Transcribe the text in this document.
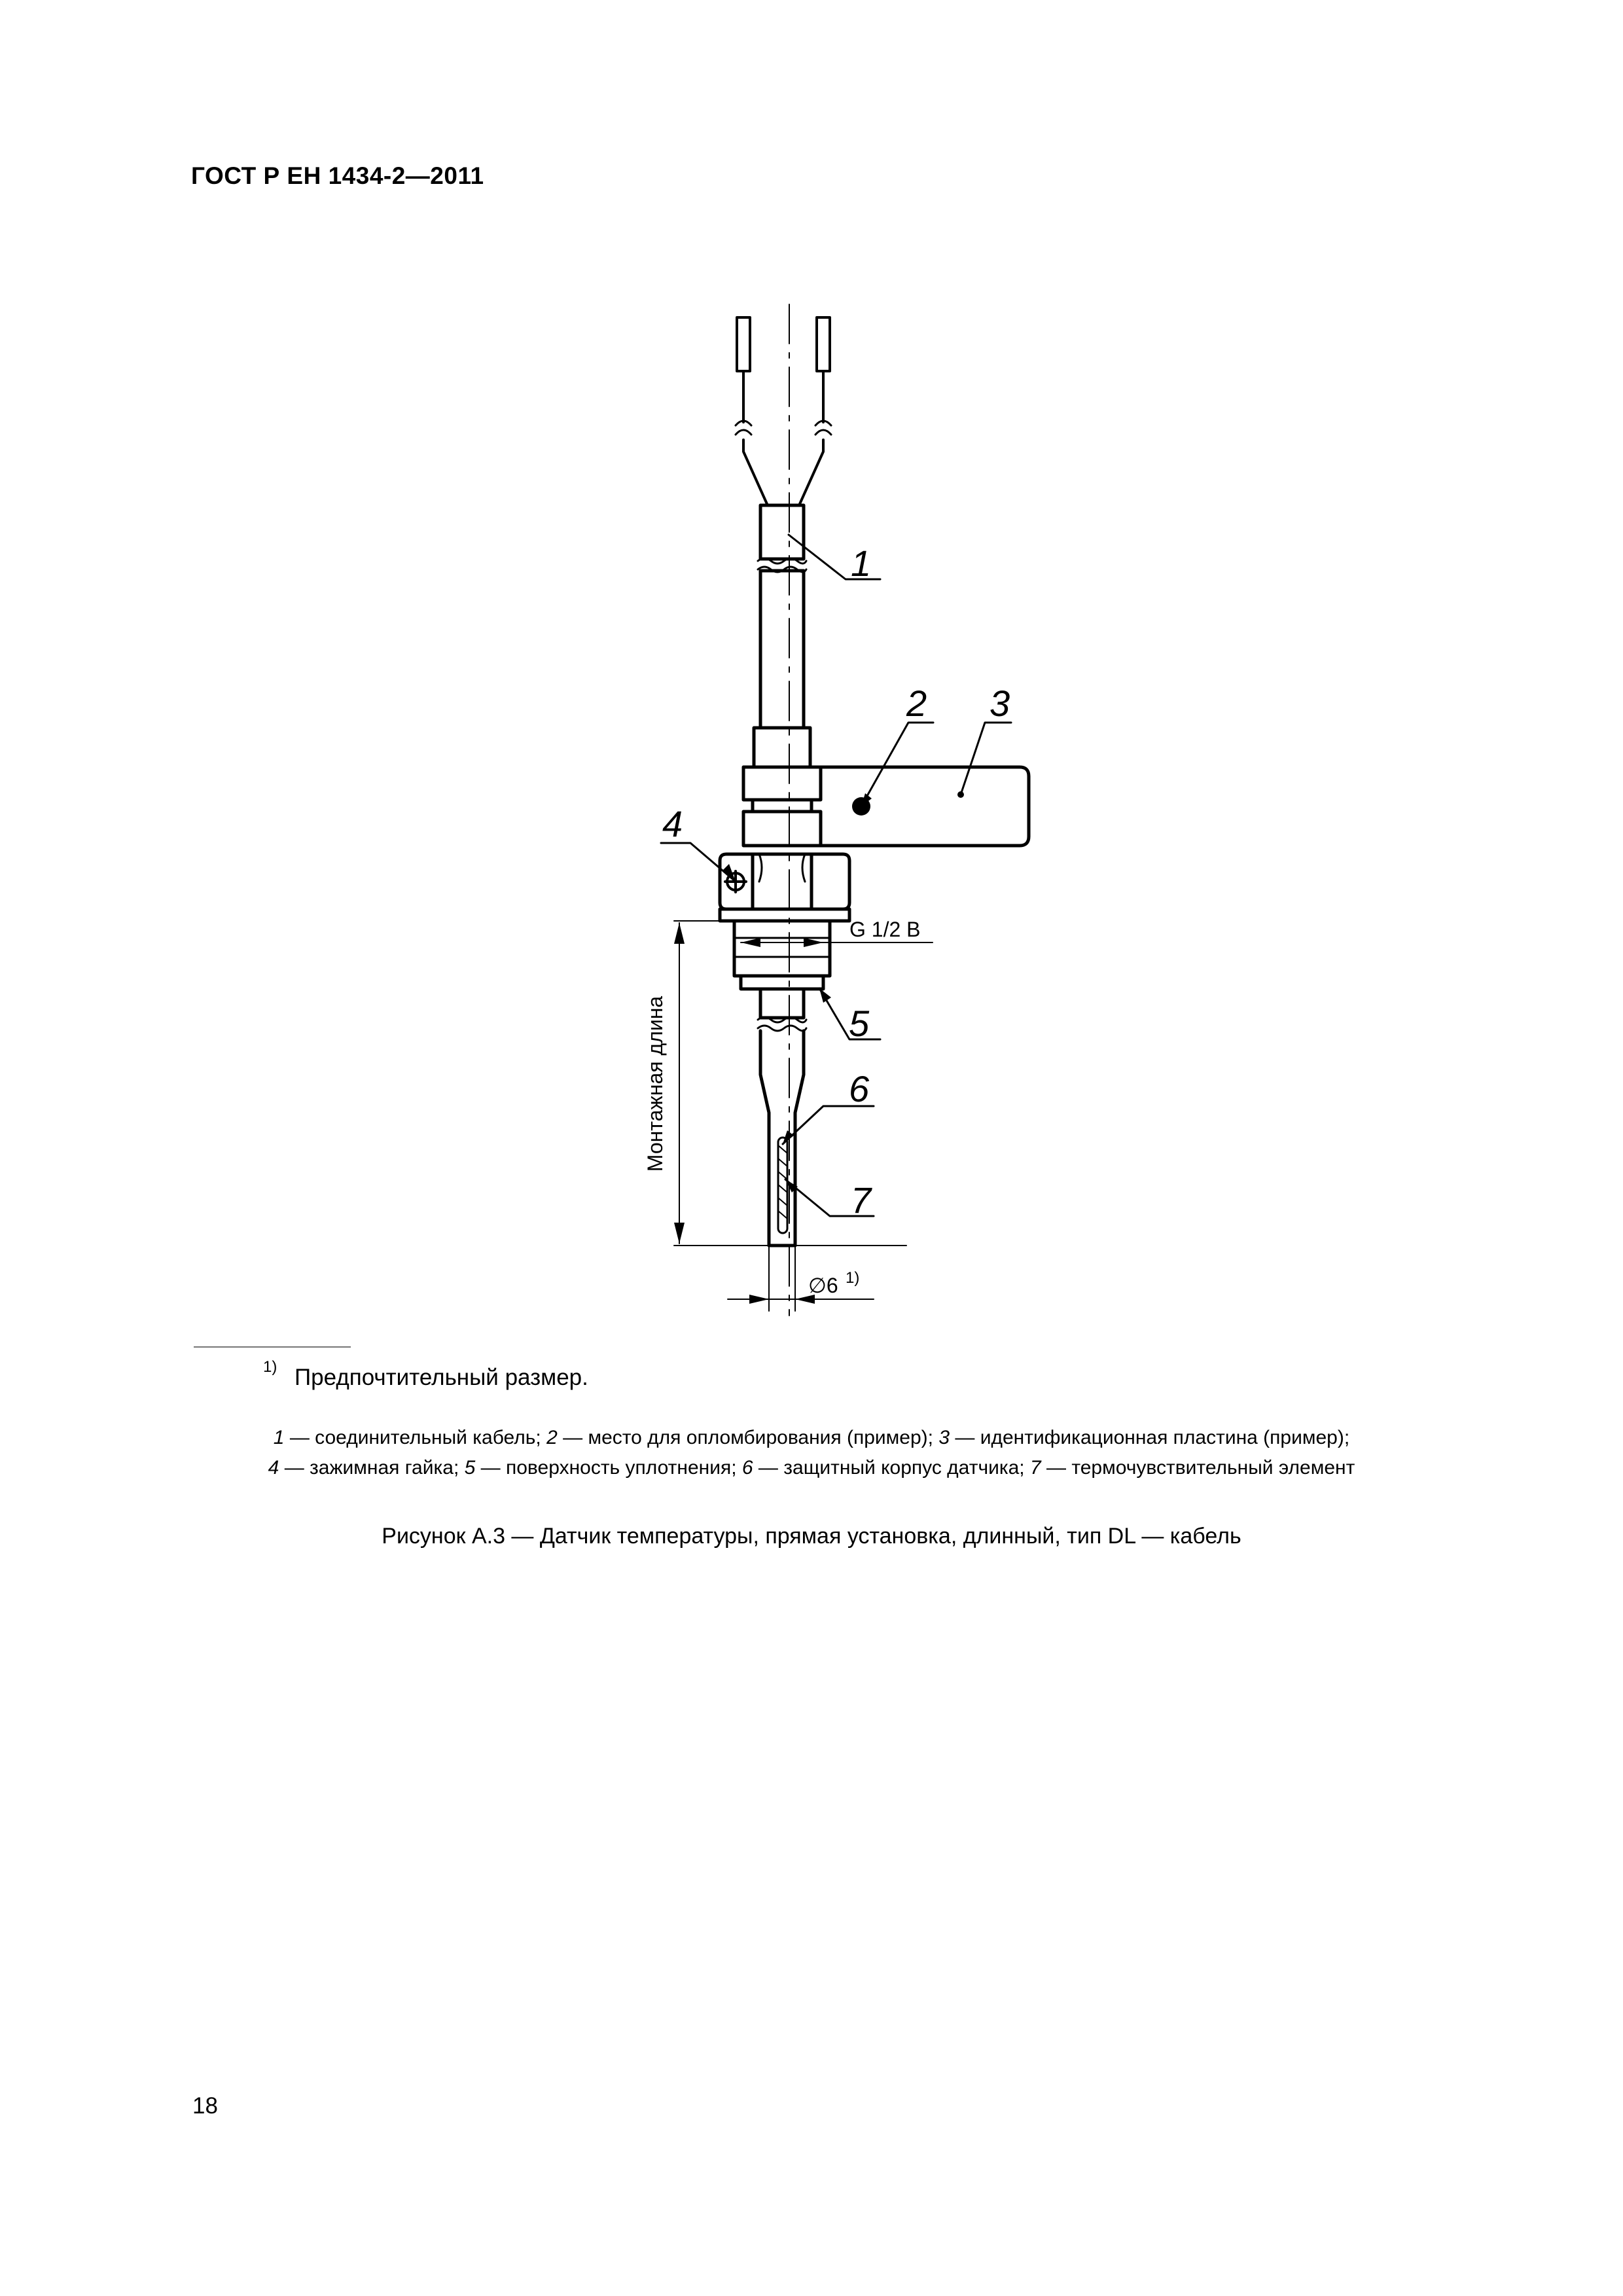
ГОСТ Р ЕН 1434-2—2011
1
2 3
4
5
6
7
G 1/2 B
Монтажная длина
∅6 1)
1) Предпочтительный размер.
1 — соединительный кабель; 2 — место для опломбирования (пример); 3 — идентификационная пластина (пример);
4 — зажимная гайка; 5 — поверхность уплотнения; 6 — защитный корпус датчика; 7 — термочувствительный элемент
Рисунок А.3 — Датчик температуры, прямая установка, длинный, тип DL — кабель
18
